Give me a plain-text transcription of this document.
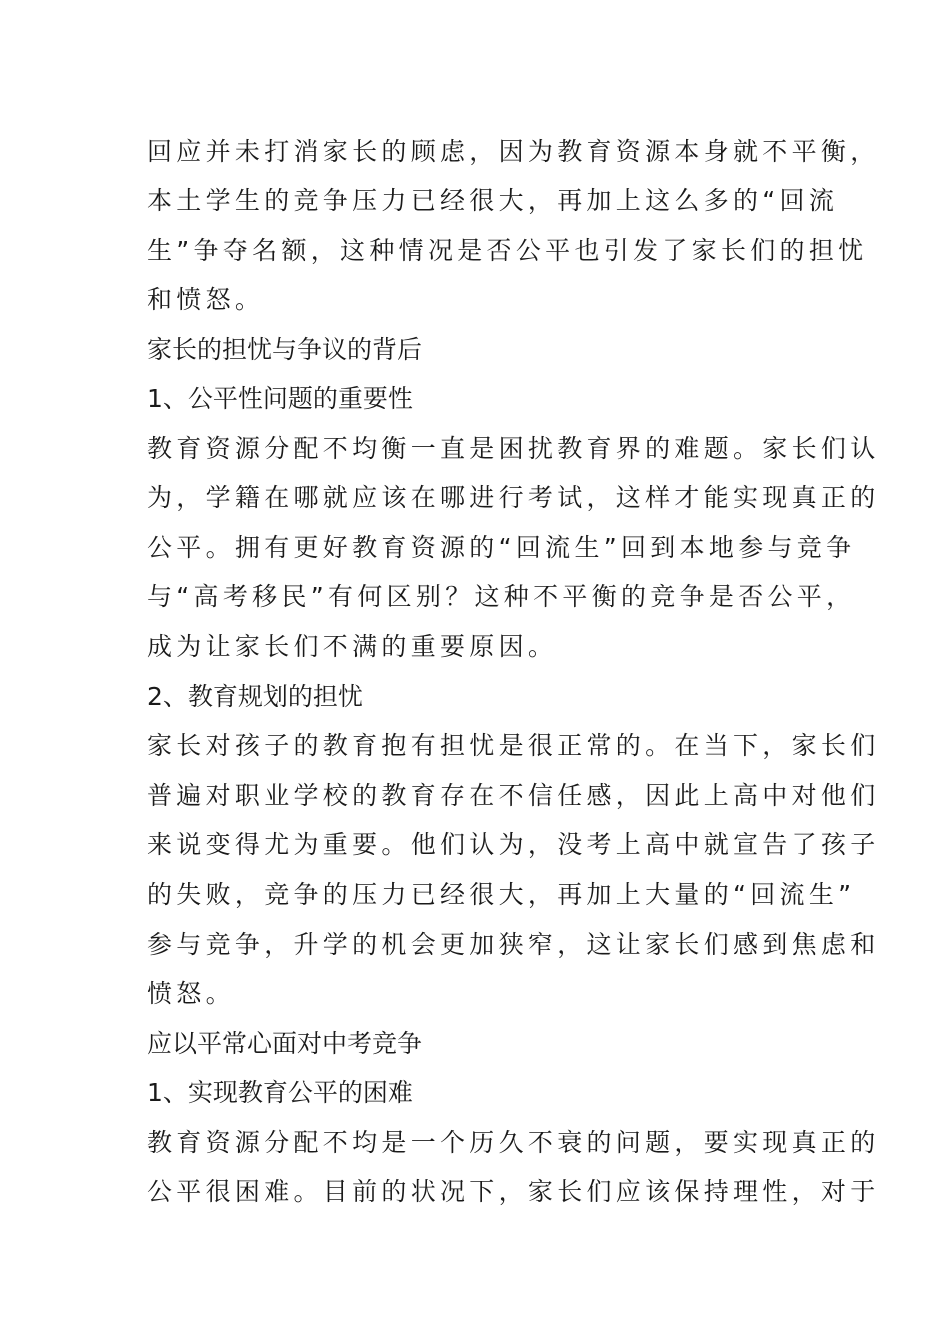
回应并未打消家长的顾虑，因为教育资源本身就不平衡，
本土学生的竞争压力已经很大，再加上这么多的“回流
生”争夺名额，这种情况是否公平也引发了家长们的担忧
和愤怒。
家长的担忧与争议的背后
1、公平性问题的重要性
教育资源分配不均衡一直是困扰教育界的难题。家长们认
为，学籍在哪就应该在哪进行考试，这样才能实现真正的
公平。拥有更好教育资源的“回流生”回到本地参与竞争
与“高考移民”有何区别？这种不平衡的竞争是否公平，
成为让家长们不满的重要原因。
2、教育规划的担忧
家长对孩子的教育抱有担忧是很正常的。在当下，家长们
普遍对职业学校的教育存在不信任感，因此上高中对他们
来说变得尤为重要。他们认为，没考上高中就宣告了孩子
的失败，竞争的压力已经很大，再加上大量的“回流生”
参与竞争，升学的机会更加狭窄，这让家长们感到焦虑和
愤怒。
应以平常心面对中考竞争
1、实现教育公平的困难
教育资源分配不均是一个历久不衰的问题，要实现真正的
公平很困难。目前的状况下，家长们应该保持理性，对于
